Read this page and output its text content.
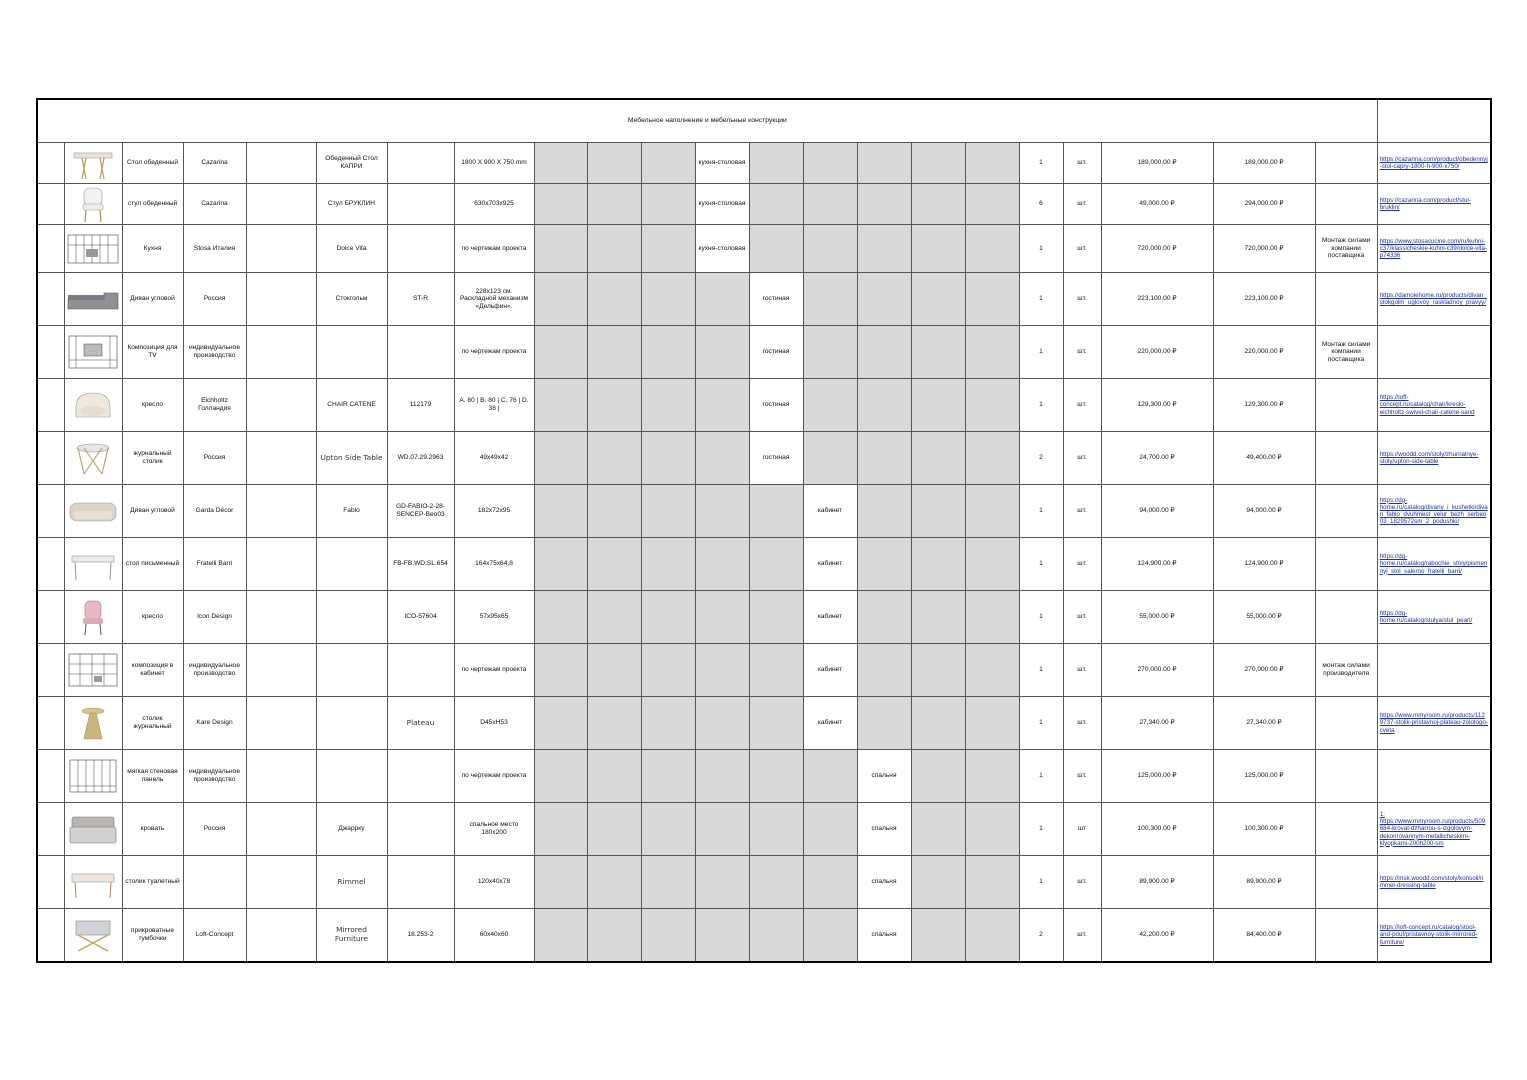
Мебельное наполнение и мебельные конструкции																						

	Стол обеденный	Cazarina		Обеденный Стол КАПРИ		1800 X 900 X 750 mm				кухня-столовая						1	шт.	189,000.00 ₽	189,000.00 ₽		https://cazarina.com/product/obedennyj-stol-capry-1800-h-900-x750/

	стул обеденный	Cazarina		Стул БРУКЛИН		630x703x925				кухня-столовая						6	шт.	49,000.00 ₽	294,000.00 ₽		https://cazarina.com/product/stul-bruklin/

	Кухня	Stosa Италия		Dolce Vita		по чертежам проекта				кухня-столовая						1	шт.	720,000.00 ₽	720,000.00 ₽	Монтаж силами компании поставщика	https://www.stosacucine.com/ru/kuhni-c37/klassicheskie-kuhni-c39/dolce-vita-p74336

	Диван угловой	Россия		Стокгольм	ST-R	228х123 см. Раскладной механизм «Дельфин».					гостиная					1	шт.	223,100.00 ₽	223,100.00 ₽		https://damoiehome.ru/products/divan_stokgolm_uglovoy_raskladnoy_pravyy/

	Композиция для TV	индивидуальное производство				по чертежам проекта					гостиная					1	шт.	220,000.00 ₽	220,000.00 ₽	Монтаж силами компании поставщика	

	кресло	Eichholtz Голландия		CHAIR CATENE	112179	A. 80 | B. 80 | C. 76 | D. 38 |					гостиная					1	шт.	129,300.00 ₽	129,300.00 ₽		https://loft-concept.ru/catalog/chair/kreslo-eichholtz-swivel-chair-catene-sand

	журнальный столик	Россия		Upton Side Table	WD.07.29.2963	49x49x42					гостиная					2	шт.	24,700.00 ₽	49,400.00 ₽		https://woodd.com/stoly/zhurnalnye-stoly/upton-side-table

	Диван угловой	Garda Décor		Fablo	GD-FABIO-2-28-SENCEP-Beo03	182x72x95						кабинет				1	шт.	94,000.00 ₽	94,000.00 ₽		https://dg-home.ru/catalog/divany_i_kushetki/divan_fablo_dvuhmest_velur_bezh_serbeo03_1829572sm_2_podushki/

	стол письменный	Fratelli Barri			FB-FB.WD.SL.654	164x75x64,8						кабинет				1	шт.	124,900.00 ₽	124,900.00 ₽		https://dg-home.ru/catalog/rabochie_stoly/pismennyj_stol_salerno_fratelli_barri/

	кресло	Icon Design			ICO-57604	57x95x65						кабинет				1	шт.	55,000.00 ₽	55,000.00 ₽		https://dg-home.ru/catalog/stulya/stul_pearl/

	композиция в кабинет	индивидуальное производство				по чертежам проекта						кабинет				1	шт.	270,000.00 ₽	270,000.00 ₽	монтаж силами производителя	

	столик журнальный	Kare Design			Plateau	D45xH53						кабинет				1	шт.	27,340.00 ₽	27,340.00 ₽		https://www.mmyroom.ru/products/1129737-stolik-pristavnoj-plateau-zolotogo-cveta

	мягкая стеновая панель	индивидуальное производство				по чертежам проекта							спальня			1	шт.	125,000.00 ₽	125,000.00 ₽		

	кровать	Россия		Джаррку		спальное место 180х200							спальня			1	шт	100,300.00 ₽	100,300.00 ₽		1; https://www.mmyroom.ru/products/509684-krovat-dzharrou-s-izgolovym-dekorirovannym-metallicheskimi-klyopkami-200h200-sm

	столик туалетный			Rimmel		120x40x78							спальня			1	шт.	89,900.00 ₽	89,900.00 ₽		https://msk.woodd.com/stoly/konsoli/rimmel-dressing-table

	прикроватные тумбочки	Loft-Concept		Mirrored Furniture	18.253-2	60x40x60							спальня			2	шт.	42,200.00 ₽	84,400.00 ₽		https://loft-concept.ru/catalog/stool-and-pouf/pristavnoy-stolik-mirrored-furniture/
